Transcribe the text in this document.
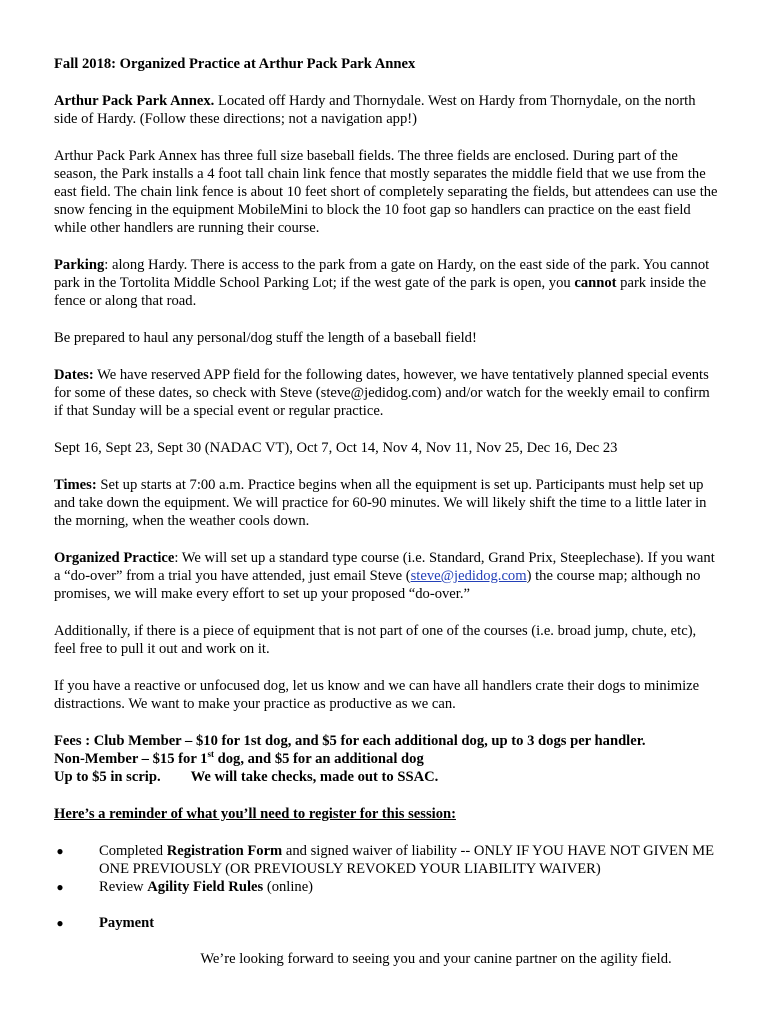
Fall 2018: Organized Practice at Arthur Pack Park Annex

Arthur Pack Park Annex. Located off Hardy and Thornydale. West on Hardy from Thornydale, on the north side of Hardy. (Follow these directions; not a navigation app!)

Arthur Pack Park Annex has three full size baseball fields. The three fields are enclosed. During part of the season, the Park installs a 4 foot tall chain link fence that mostly separates the middle field that we use from the east field. The chain link fence is about 10 feet short of completely separating the fields, but attendees can use the snow fencing in the equipment MobileMini to block the 10 foot gap so handlers can practice on the east field while other handlers are running their course.

Parking: along Hardy. There is access to the park from a gate on Hardy, on the east side of the park. You cannot park in the Tortolita Middle School Parking Lot; if the west gate of the park is open, you cannot park inside the fence or along that road.

Be prepared to haul any personal/dog stuff the length of a baseball field!

Dates: We have reserved APP field for the following dates, however, we have tentatively planned special events for some of these dates, so check with Steve (steve@jedidog.com) and/or watch for the weekly email to confirm if that Sunday will be a special event or regular practice.

Sept 16, Sept 23, Sept 30 (NADAC VT), Oct 7, Oct 14, Nov 4, Nov 11, Nov 25, Dec 16, Dec 23

Times: Set up starts at 7:00 a.m. Practice begins when all the equipment is set up. Participants must help set up and take down the equipment. We will practice for 60-90 minutes. We will likely shift the time to a little later in the morning, when the weather cools down.

Organized Practice: We will set up a standard type course (i.e. Standard, Grand Prix, Steeplechase). If you want a “do-over” from a trial you have attended, just email Steve (steve@jedidog.com) the course map; although no promises, we will make every effort to set up your proposed “do-over.”

Additionally, if there is a piece of equipment that is not part of one of the courses (i.e. broad jump, chute, etc), feel free to pull it out and work on it.

If you have a reactive or unfocused dog, let us know and we can have all handlers crate their dogs to minimize distractions. We want to make your practice as productive as we can.

Fees : Club Member – $10 for 1st dog, and $5 for each additional dog, up to 3 dogs per handler.
Non-Member – $15 for 1st dog, and $5 for an additional dog
Up to $5 in scrip. We will take checks, made out to SSAC.

Here’s a reminder of what you’ll need to register for this session:

● Completed Registration Form and signed waiver of liability -- ONLY IF YOU HAVE NOT GIVEN ME ONE PREVIOUSLY (OR PREVIOUSLY REVOKED YOUR LIABILITY WAIVER)
● Review Agility Field Rules (online)
● Payment

We’re looking forward to seeing you and your canine partner on the agility field.
